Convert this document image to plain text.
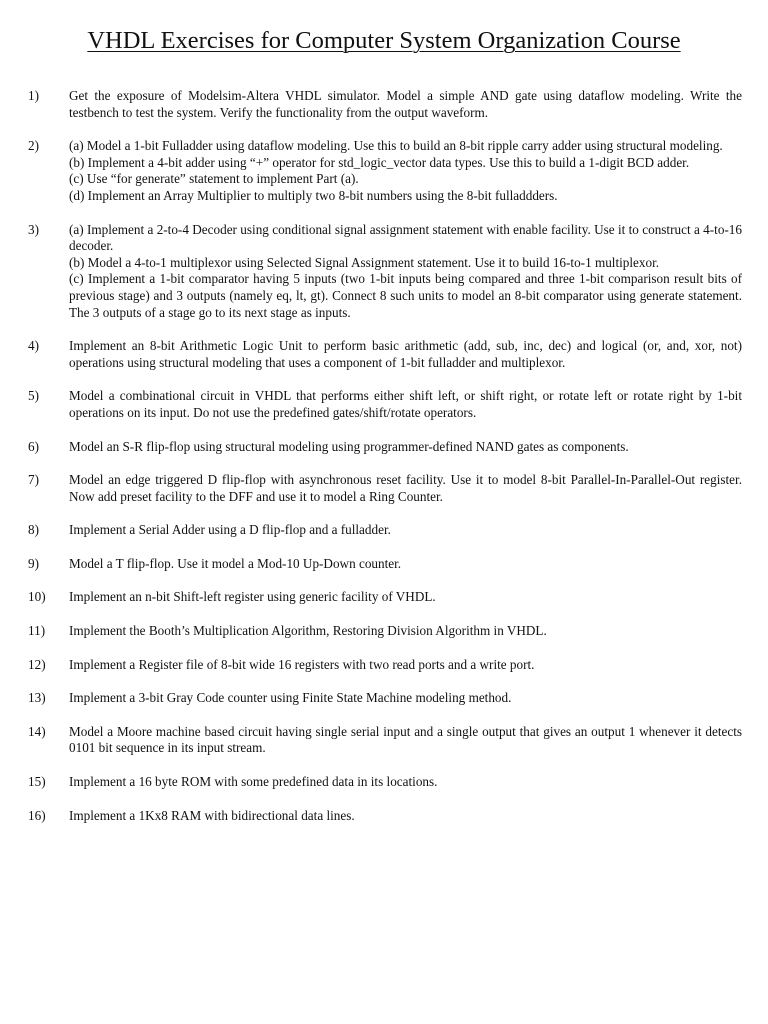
VHDL Exercises for Computer System Organization Course
1)	Get the exposure of Modelsim-Altera VHDL simulator. Model a simple AND gate using dataflow modeling. Write the testbench to test the system. Verify the functionality from the output waveform.

2)	(a) Model a 1-bit Fulladder using dataflow modeling. Use this to build an 8-bit ripple carry adder using structural modeling.

(b) Implement a 4-bit adder using “+” operator for std_logic_vector data types. Use this to build a 1-digit BCD adder.

(c) Use “for generate” statement to implement Part (a).

(d) Implement an Array Multiplier to multiply two 8-bit numbers using the 8-bit fulladdders.

3)	(a) Implement a 2-to-4 Decoder using conditional signal assignment statement with enable facility. Use it to construct a 4-to-16 decoder.

(b) Model a 4-to-1 multiplexor using Selected Signal Assignment statement. Use it to build 16-to-1 multiplexor.

(c) Implement a 1-bit comparator having 5 inputs (two 1-bit inputs being compared and three 1-bit comparison result bits of previous stage) and 3 outputs (namely eq, lt, gt). Connect 8 such units to model an 8-bit comparator using generate statement. The 3 outputs of a stage go to its next stage as inputs.

4)	Implement an 8-bit Arithmetic Logic Unit to perform basic arithmetic (add, sub, inc, dec) and logical (or, and, xor, not) operations using structural modeling that uses a component of 1-bit fulladder and multiplexor.

5)	Model a combinational circuit in VHDL that performs either shift left, or shift right, or rotate left or rotate right by 1-bit operations on its input. Do not use the predefined gates/shift/rotate operators.

6)	Model an S-R flip-flop using structural modeling using programmer-defined NAND gates as components.

7)	Model an edge triggered D flip-flop with asynchronous reset facility. Use it to model 8-bit Parallel-In-Parallel-Out register. Now add preset facility to the DFF and use it to model a Ring Counter.

8)	Implement a Serial Adder using a D flip-flop and a fulladder.

9)	Model a T flip-flop. Use it model a Mod-10 Up-Down counter.

10)	Implement an n-bit Shift-left register using generic facility of VHDL.

11)	Implement the Booth’s Multiplication Algorithm, Restoring Division Algorithm in VHDL.

12)	Implement a Register file of 8-bit wide 16 registers with two read ports and a write port.

13)	Implement a 3-bit Gray Code counter using Finite State Machine modeling method.

14)	Model a Moore machine based circuit having single serial input and a single output that gives an output 1 whenever it detects 0101 bit sequence in its input stream.

15)	Implement a 16 byte ROM with some predefined data in its locations.

16)	Implement a 1Kx8 RAM with bidirectional data lines.
